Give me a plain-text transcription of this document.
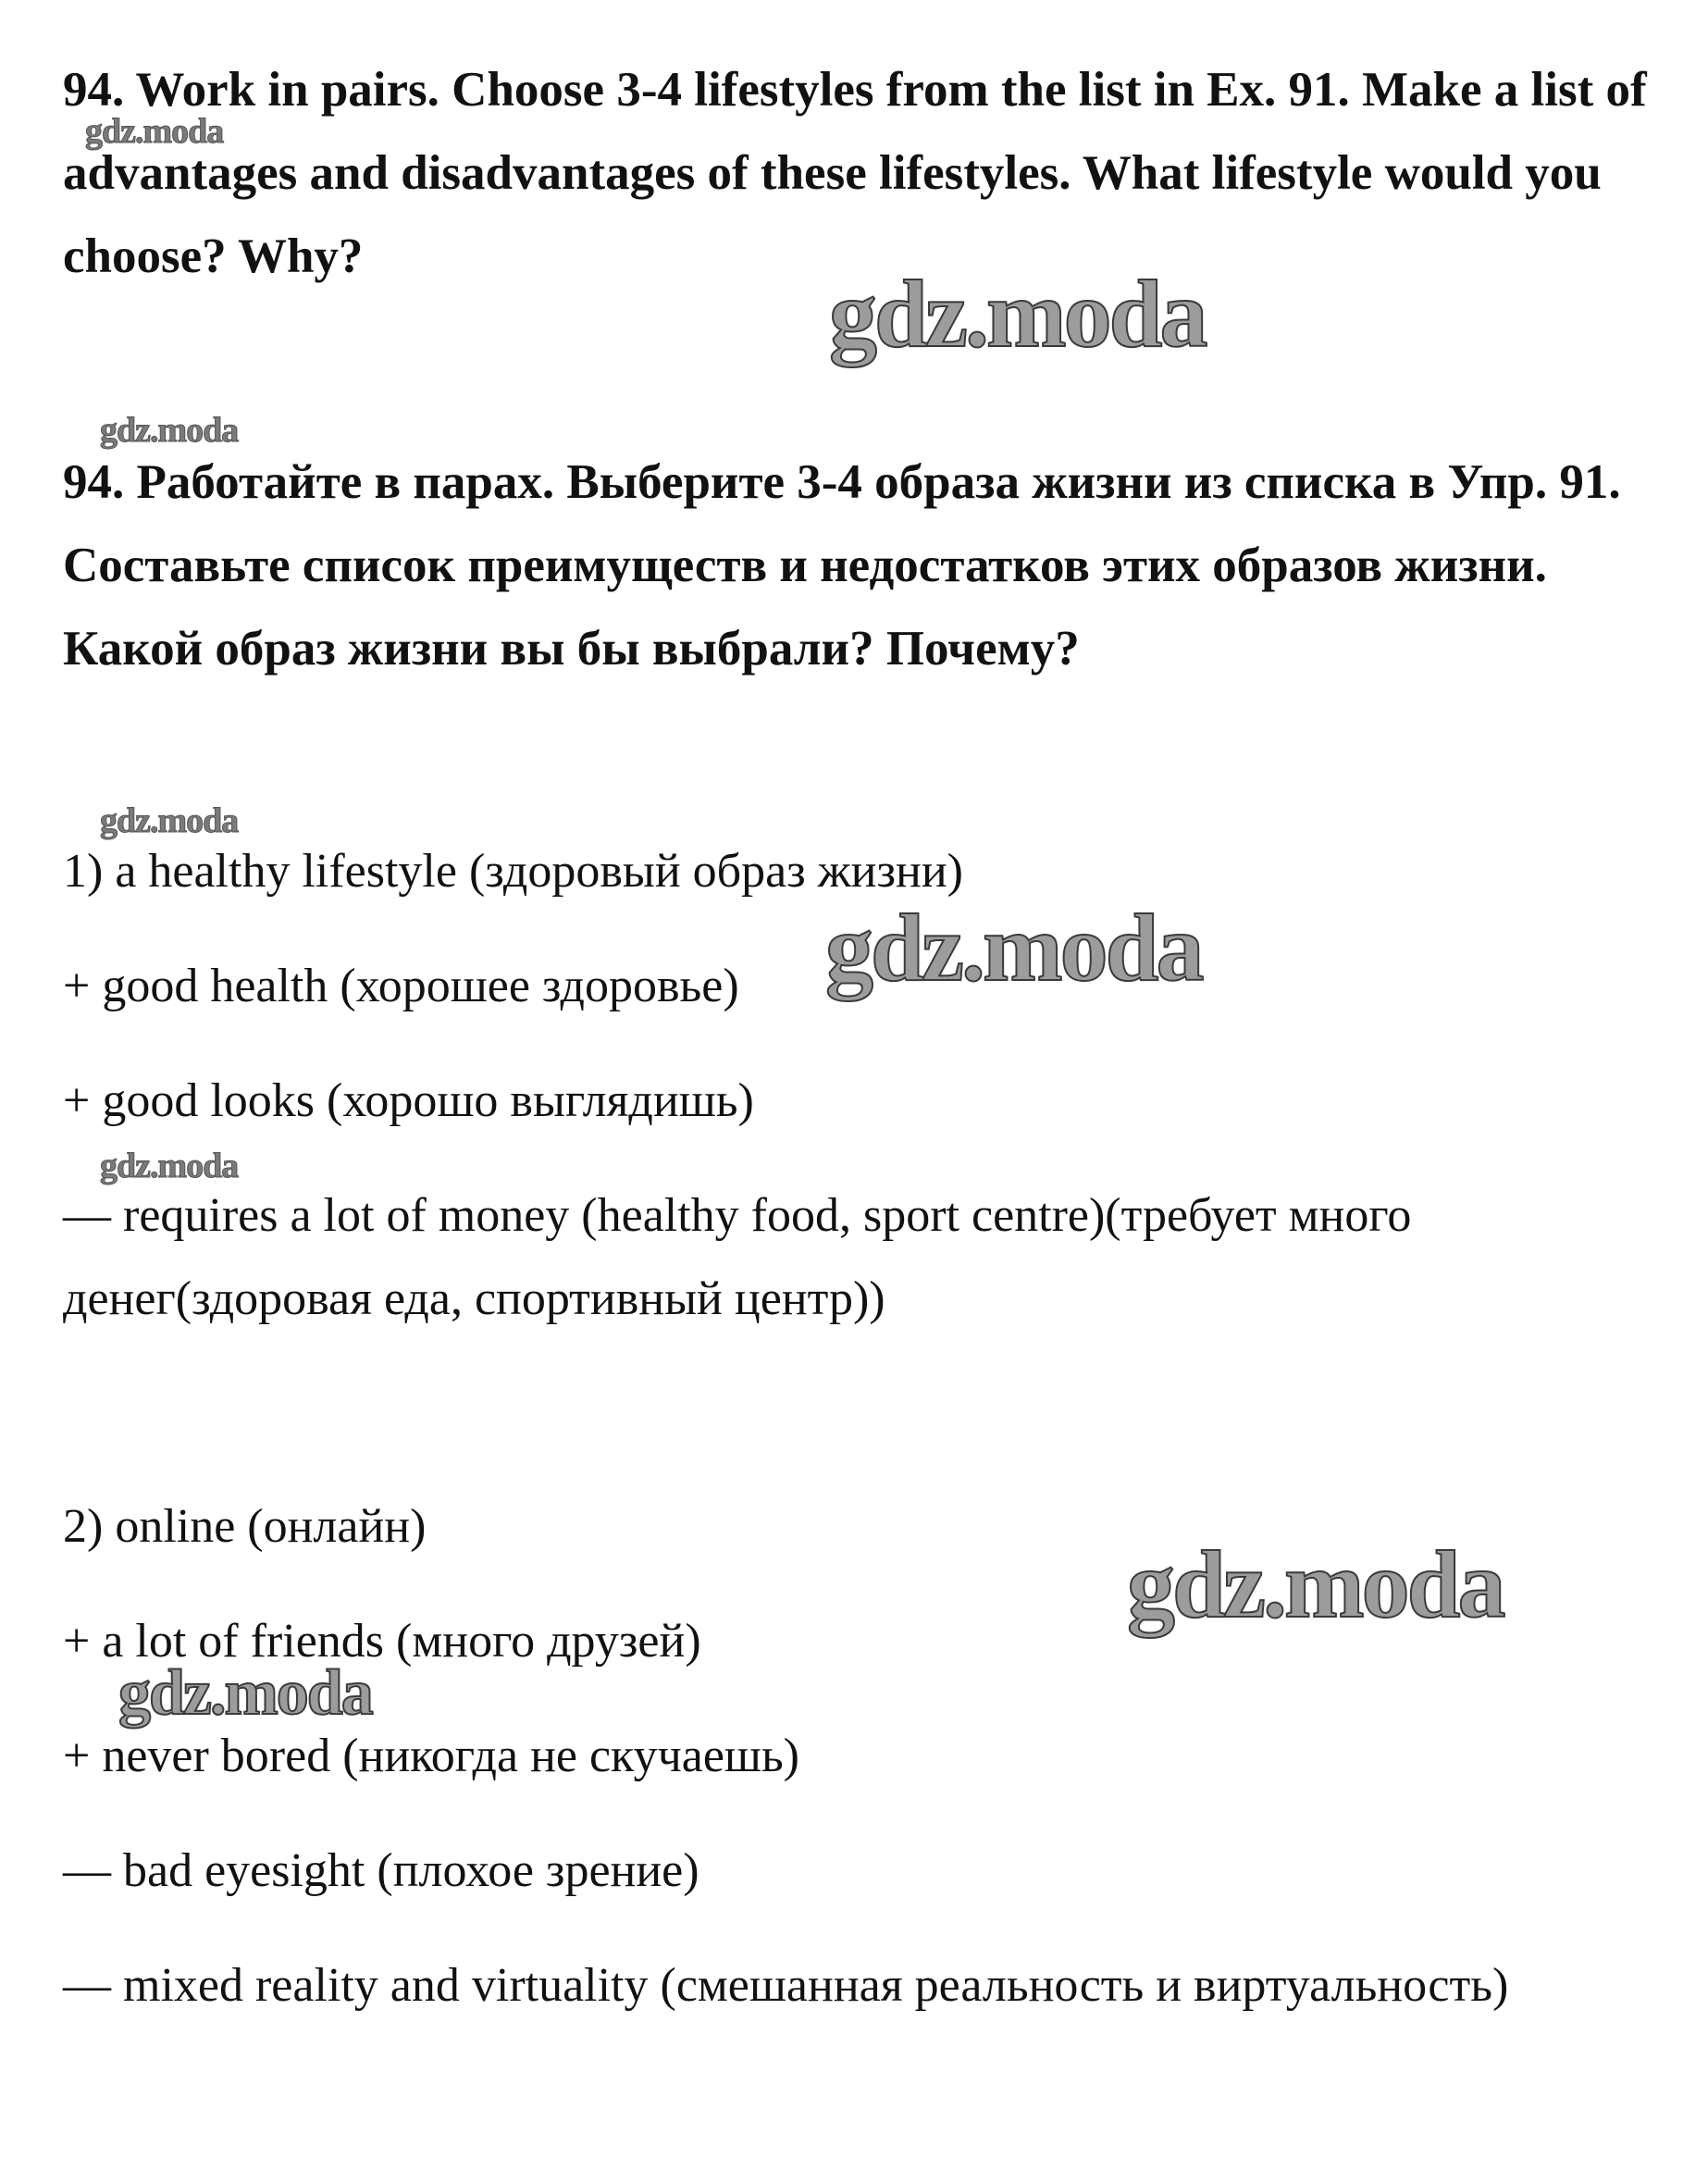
94. Work in pairs. Choose 3-4 lifestyles from the list in Ex. 91. Make a list of advantages and disadvantages of these lifestyles. What lifestyle would you choose? Why?

94. Работайте в парах. Выберите 3-4 образа жизни из списка в Упр. 91. Составьте список преимуществ и недостатков этих образов жизни. Какой образ жизни вы бы выбрали? Почему?

1) a healthy lifestyle (здоровый образ жизни)

+ good health (хорошее здоровье)

+ good looks (хорошо выглядишь)

— requires a lot of money (healthy food, sport centre)(требует много денег(здоровая еда, спортивный центр))

2) online (онлайн)

+ a lot of friends (много друзей)

+ never bored (никогда не скучаешь)

— bad eyesight (плохое зрение)

— mixed reality and virtuality (смешанная реальность и виртуальность)

gdz.moda
gdz.moda
gdz.moda
gdz.moda
gdz.moda
gdz.moda
gdz.moda
gdz.moda
